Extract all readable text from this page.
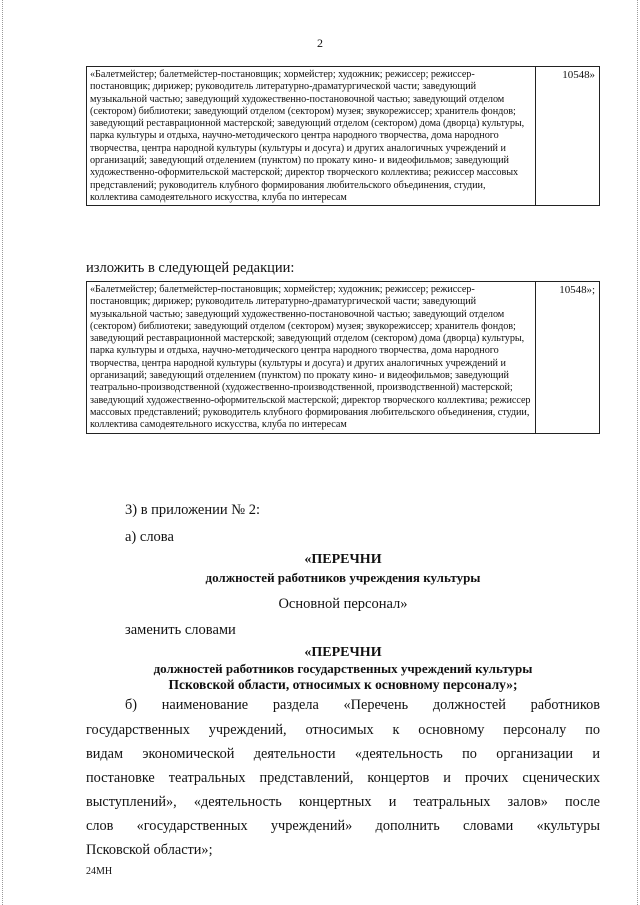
2
«Балетмейстер; балетмейстер-постановщик; хормейстер; художник; режиссер; режиссер-постановщик; дирижер; руководитель литературно-драматургической части; заведующий музыкальной частью; заведующий художественно-постановочной частью; заведующий отделом (сектором) библиотеки; заведующий отделом (сектором) музея; звукорежиссер; хранитель фондов; заведующий реставрационной мастерской; заведующий отделом (сектором) дома (дворца) культуры, парка культуры и отдыха, научно-методического центра народного творчества, дома народного творчества, центра народной культуры (культуры и досуга) и других аналогичных учреждений и организаций; заведующий отделением (пунктом) по прокату кино- и видеофильмов; заведующий художественно-оформительской мастерской; директор творческого коллектива; режиссер массовых представлений; руководитель клубного формирования любительского объединения, студии, коллектива самодеятельного искусства, клуба по интересам	10548»
изложить в следующей редакции:
«Балетмейстер; балетмейстер-постановщик; хормейстер; художник; режиссер; режиссер-постановщик; дирижер; руководитель литературно-драматургической части; заведующий музыкальной частью; заведующий художественно-постановочной частью; заведующий отделом (сектором) библиотеки; заведующий отделом (сектором) музея; звукорежиссер; хранитель фондов; заведующий реставрационной мастерской; заведующий отделом (сектором) дома (дворца) культуры, парка культуры и отдыха, научно-методического центра народного творчества, дома народного творчества, центра народной культуры (культуры и досуга) и других аналогичных учреждений и организаций; заведующий отделением (пунктом) по прокату кино- и видеофильмов; заведующий театрально-производственной (художественно-производственной, производственной) мастерской; заведующий художественно-оформительской мастерской; директор творческого коллектива; режиссер массовых представлений; руководитель клубного формирования любительского объединения, студии, коллектива самодеятельного искусства, клуба по интересам	10548»;
3) в приложении № 2:
а) слова
«ПЕРЕЧНИ
должностей работников учреждения культуры
Основной персонал»
заменить словами
«ПЕРЕЧНИ
должностей работников государственных учреждений культуры
Псковской области, относимых к основному персоналу»;
б) наименование раздела «Перечень должностей работников
государственных учреждений, относимых к основному персоналу по
видам экономической деятельности «деятельность по организации и
постановке театральных представлений, концертов и прочих сценических
выступлений», «деятельность концертных и театральных залов» после
слов «государственных учреждений» дополнить словами «культуры
Псковской области»;
24МН
